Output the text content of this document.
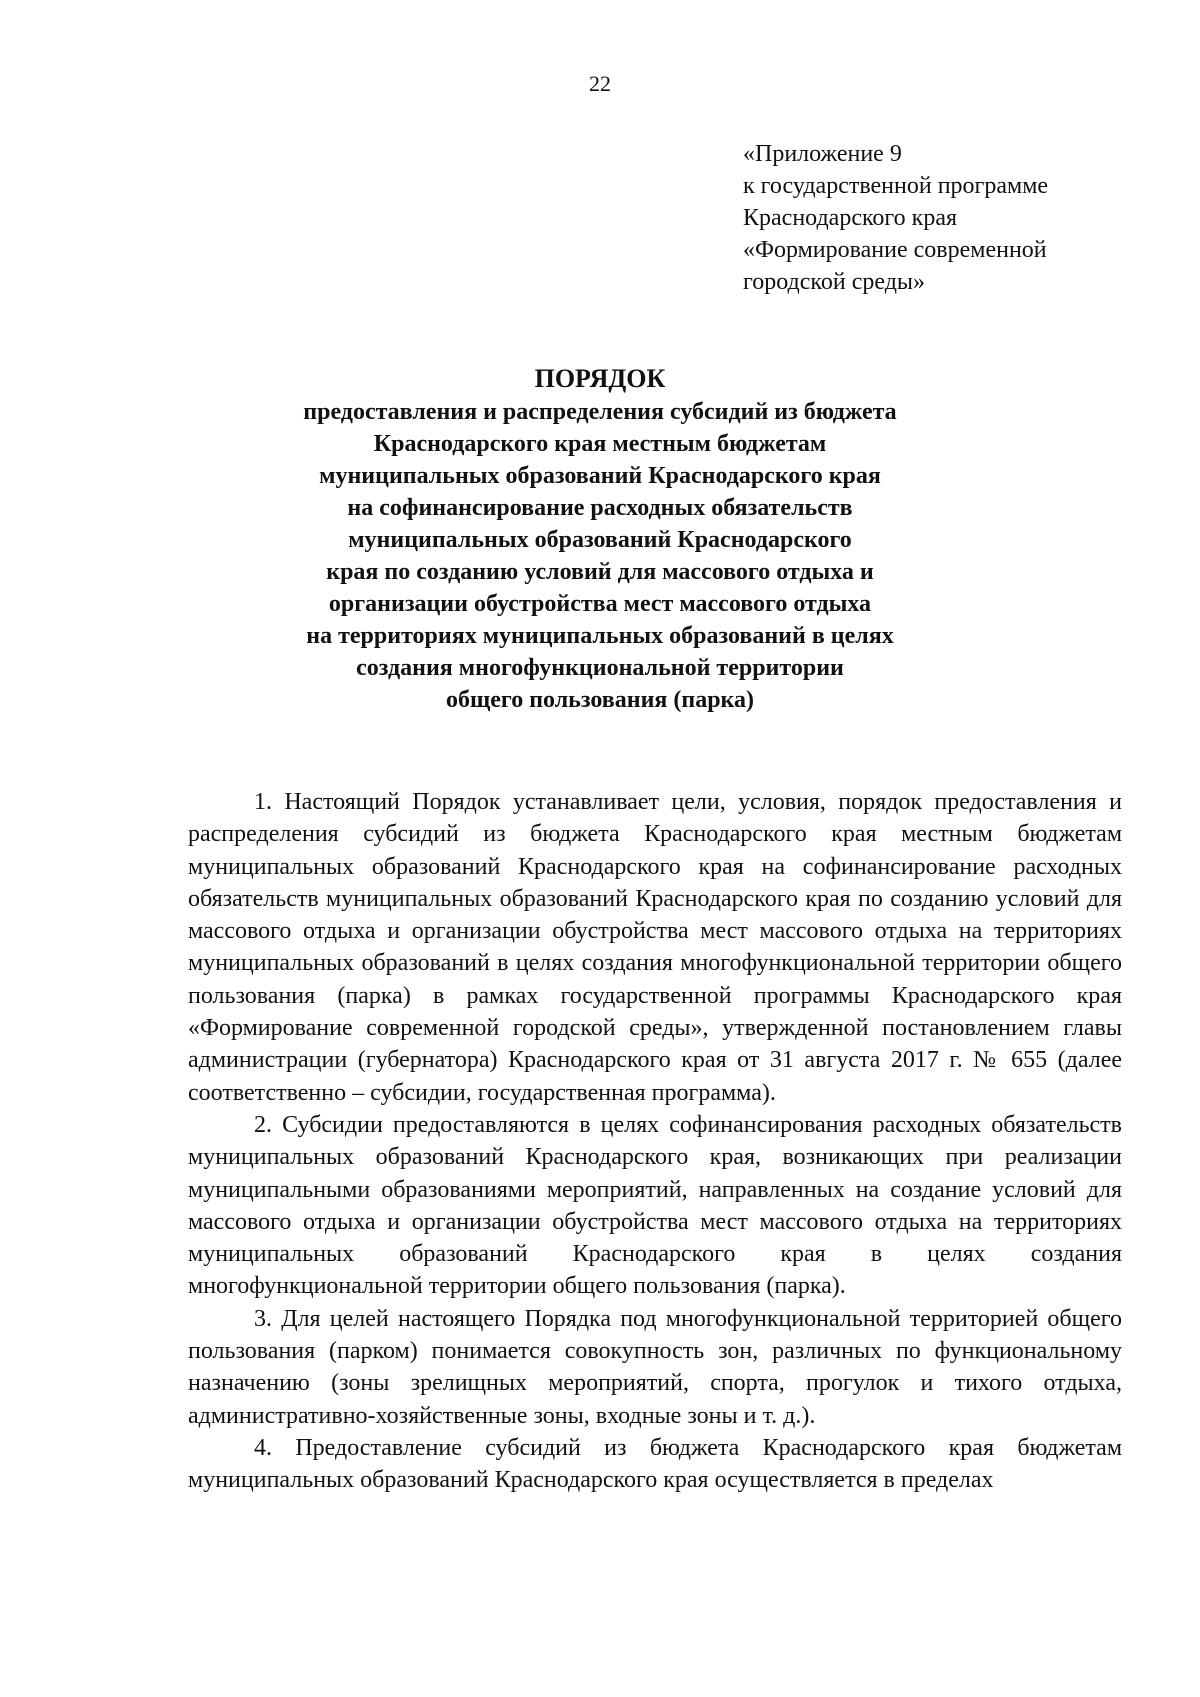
22
«Приложение 9
к государственной программе
Краснодарского края
«Формирование современной
городской среды»
ПОРЯДОК
предоставления и распределения субсидий из бюджета
Краснодарского края местным бюджетам
муниципальных образований Краснодарского края
на софинансирование расходных обязательств
муниципальных образований Краснодарского
края по созданию условий для массового отдыха и
организации обустройства мест массового отдыха
на территориях муниципальных образований в целях
создания многофункциональной территории
общего пользования (парка)

1. Настоящий Порядок устанавливает цели, условия, порядок предоставления и распределения субсидий из бюджета Краснодарского края местным бюджетам муниципальных образований Краснодарского края на софинансирование расходных обязательств муниципальных образований Краснодарского края по созданию условий для массового отдыха и организации обустройства мест массового отдыха на территориях муниципальных образований в целях создания многофункциональной территории общего пользования (парка) в рамках государственной программы Краснодарского края «Формирование современной городской среды», утвержденной постановлением главы администрации (губернатора) Краснодарского края от 31 августа 2017 г. № 655 (далее соответственно – субсидии, государственная программа).

2. Субсидии предоставляются в целях софинансирования расходных обязательств муниципальных образований Краснодарского края, возникающих при реализации муниципальными образованиями мероприятий, направленных на создание условий для массового отдыха и организации обустройства мест массового отдыха на территориях муниципальных образований Краснодарского края в целях создания многофункциональной территории общего пользования (парка).

3. Для целей настоящего Порядка под многофункциональной территорией общего пользования (парком) понимается совокупность зон, различных по функциональному назначению (зоны зрелищных мероприятий, спорта, прогулок и тихого отдыха, административно-хозяйственные зоны, входные зоны и т. д.).

4. Предоставление субсидий из бюджета Краснодарского края бюджетам муниципальных образований Краснодарского края осуществляется в пределах
